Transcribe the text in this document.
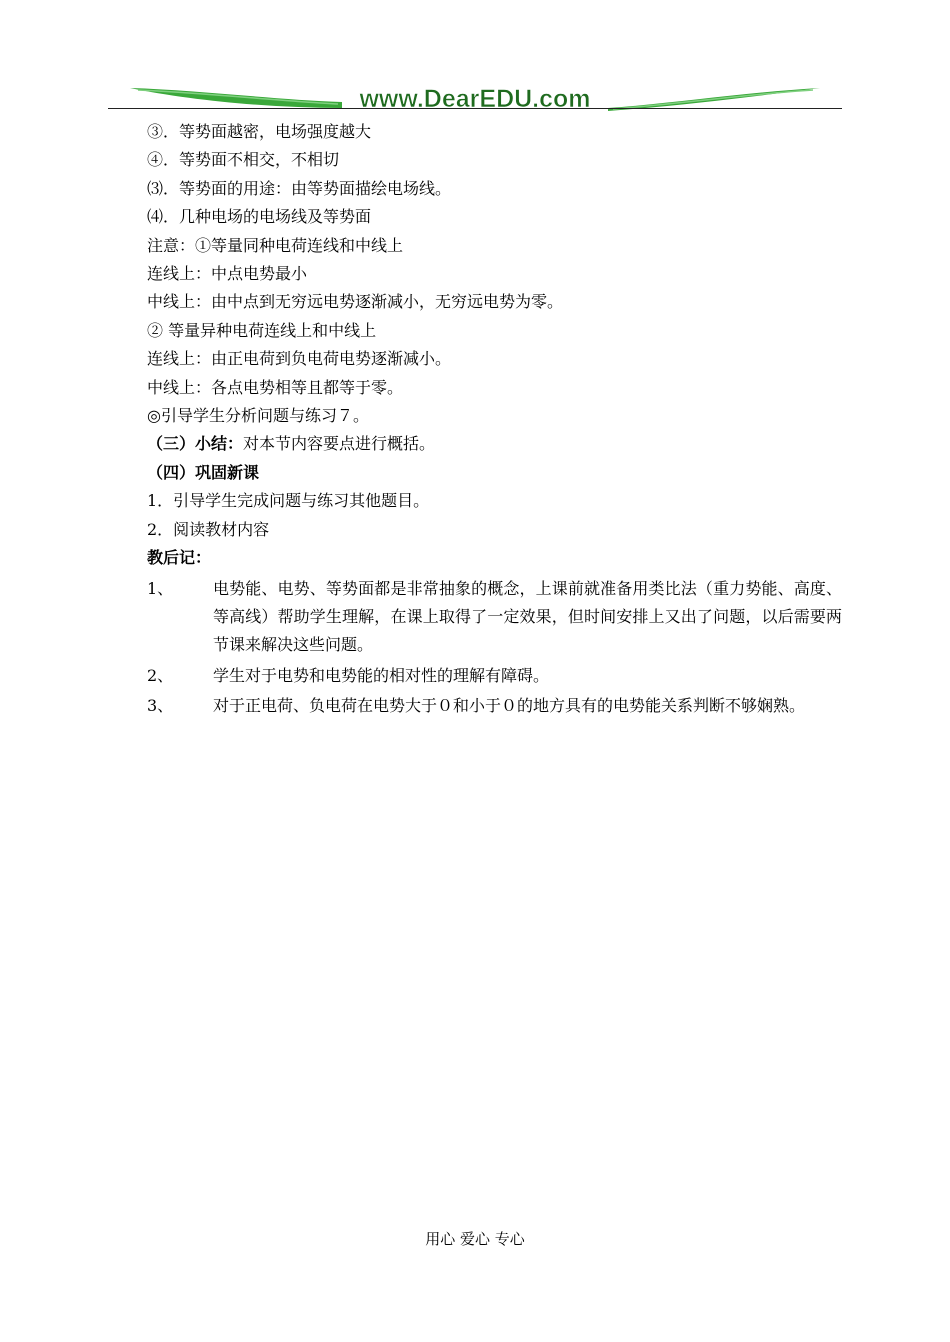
www.DearEDU.com
③．等势面越密，电场强度越大
④．等势面不相交，不相切
⑶．等势面的用途：由等势面描绘电场线。
⑷．几种电场的电场线及等势面
注意：①等量同种电荷连线和中线上
连线上：中点电势最小
中线上：由中点到无穷远电势逐渐减小，无穷远电势为零。
② 等量异种电荷连线上和中线上
连线上：由正电荷到负电荷电势逐渐减小。
中线上：各点电势相等且都等于零。
◎引导学生分析问题与练习７。
（三）小结：对本节内容要点进行概括。
（四）巩固新课
1．引导学生完成问题与练习其他题目。
2．阅读教材内容
教后记：
1、	电势能、电势、等势面都是非常抽象的概念，上课前就准备用类比法（重力势能、高度、等高线）帮助学生理解，在课上取得了一定效果，但时间安排上又出了问题，以后需要两节课来解决这些问题。
2、	学生对于电势和电势能的相对性的理解有障碍。
3、	对于正电荷、负电荷在电势大于０和小于０的地方具有的电势能关系判断不够娴熟。
用心 爱心 专心
